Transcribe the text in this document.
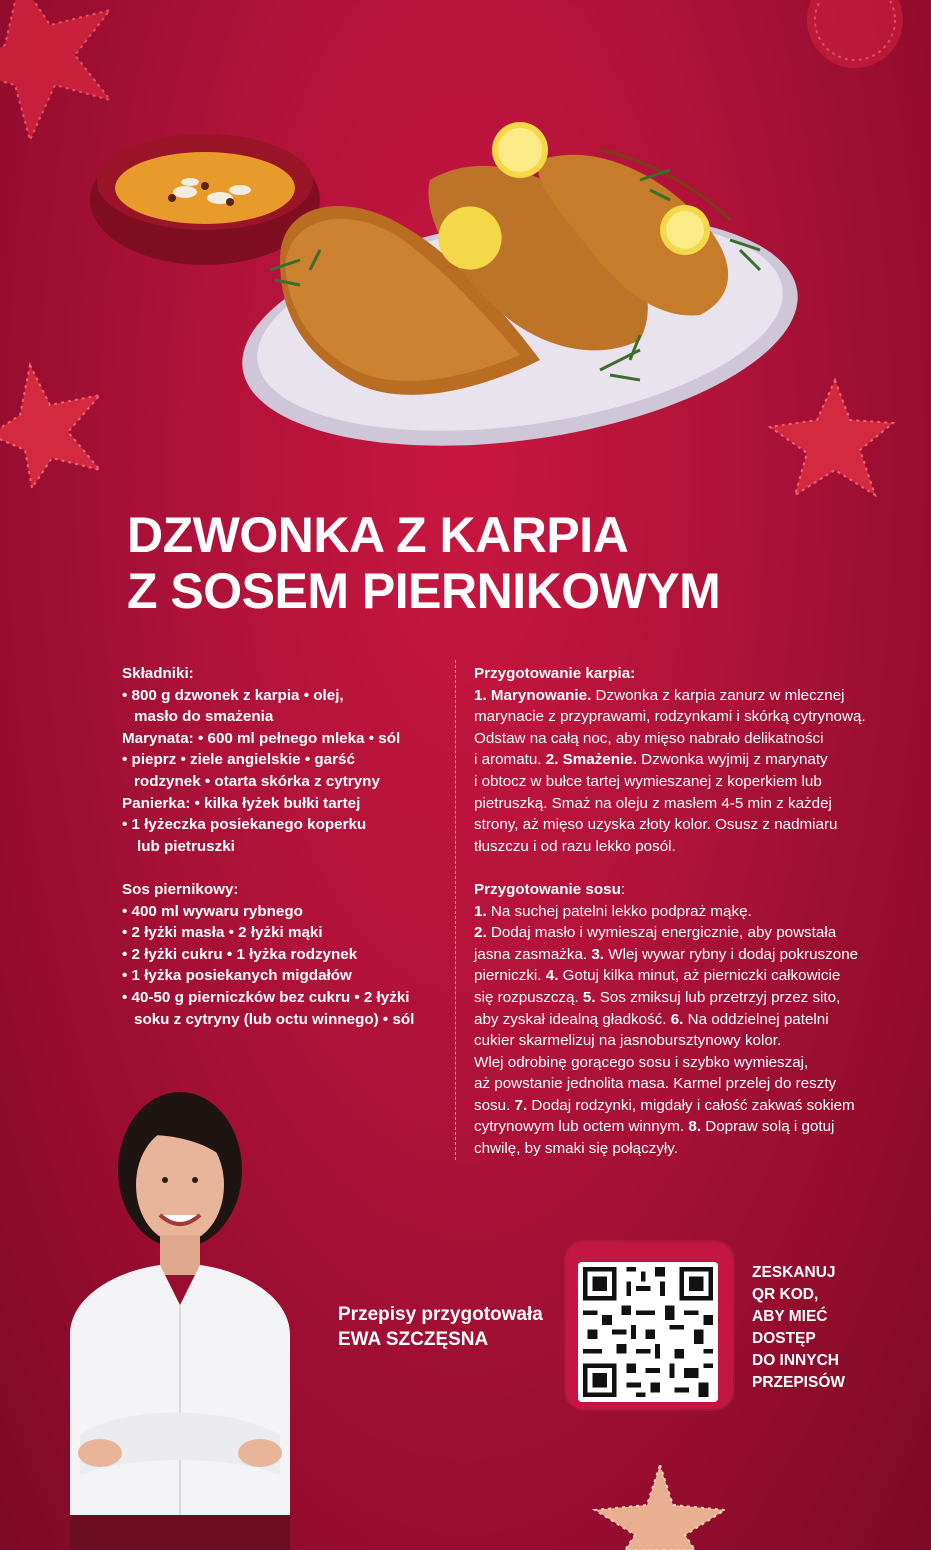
DZWONKA Z KARPIA
Z SOSEM PIERNIKOWYM
Składniki:
• 800 g dzwonek z karpia • olej,
masło do smażenia
Marynata: • 600 ml pełnego mleka • sól
• pieprz • ziele angielskie • garść
rodzynek • otarta skórka z cytryny
Panierka: • kilka łyżek bułki tartej
• 1 łyżeczka posiekanego koperku
lub pietruszki
Sos piernikowy:
• 400 ml wywaru rybnego
• 2 łyżki masła • 2 łyżki mąki
• 2 łyżki cukru • 1 łyżka rodzynek
• 1 łyżka posiekanych migdałów
• 40-50 g pierniczków bez cukru • 2 łyżki
soku z cytryny (lub octu winnego) • sól
Przygotowanie karpia:
1. Marynowanie. Dzwonka z karpia zanurz w mlecznej
marynacie z przyprawami, rodzynkami i skórką cytrynową.
Odstaw na całą noc, aby mięso nabrało delikatności
i aromatu. 2. Smażenie. Dzwonka wyjmij z marynaty
i obtocz w bułce tartej wymieszanej z koperkiem lub
pietruszką. Smaż na oleju z masłem 4-5 min z każdej
strony, aż mięso uzyska złoty kolor. Osusz z nadmiaru
tłuszczu i od razu lekko posól.
Przygotowanie sosu:
1. Na suchej patelni lekko podpraż mąkę.
2. Dodaj masło i wymieszaj energicznie, aby powstała
jasna zasmażka. 3. Wlej wywar rybny i dodaj pokruszone
pierniczki. 4. Gotuj kilka minut, aż pierniczki całkowicie
się rozpuszczą. 5. Sos zmiksuj lub przetrzyj przez sito,
aby zyskał idealną gładkość. 6. Na oddzielnej patelni
cukier skarmelizuj na jasnobursztynowy kolor.
Wlej odrobinę gorącego sosu i szybko wymieszaj,
aż powstanie jednolita masa. Karmel przelej do reszty
sosu. 7. Dodaj rodzynki, migdały i całość zakwaś sokiem
cytrynowym lub octem winnym. 8. Dopraw solą i gotuj
chwilę, by smaki się połączyły.
Przepisy przygotowała
EWA SZCZĘSNA
ZESKANUJ
QR KOD,
ABY MIEĆ
DOSTĘP
DO INNYCH
PRZEPISÓW
